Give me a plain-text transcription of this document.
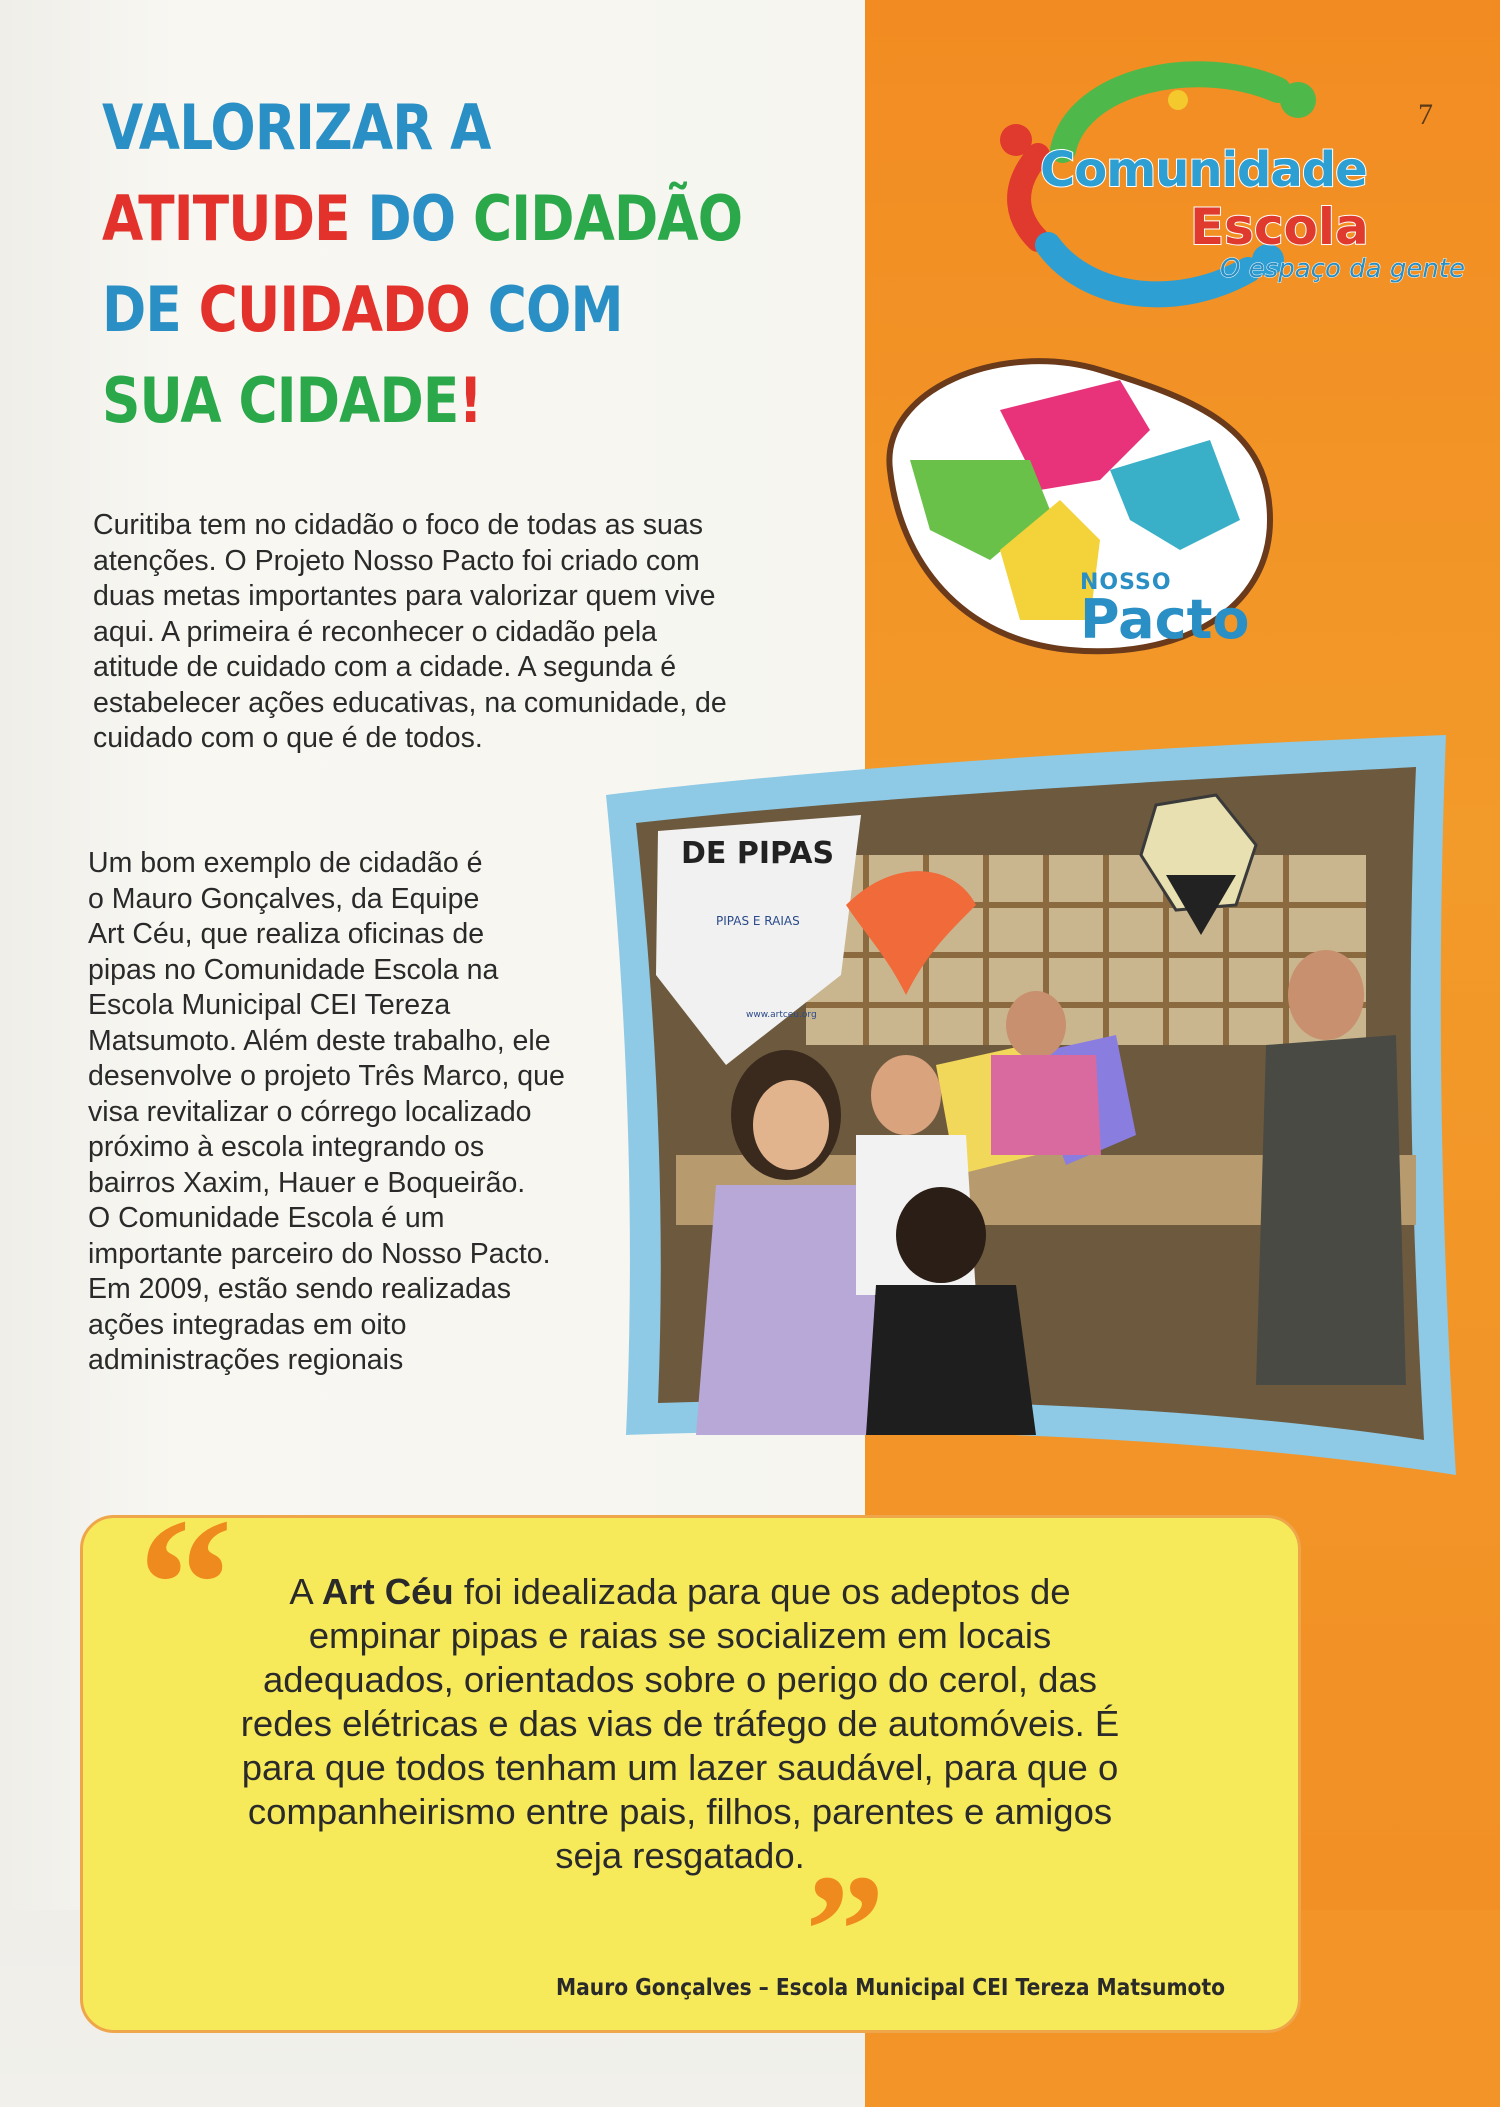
7
VALORIZAR A
ATITUDE DO CIDADÃO
DE CUIDADO COM
SUA CIDADE!
Comunidade
Escola
O espaço da gente
NOSSO
Pacto
Curitiba tem no cidadão o foco de todas as suas
atenções. O Projeto Nosso Pacto foi criado com
duas metas importantes para valorizar quem vive
aqui. A primeira é reconhecer o cidadão pela
atitude de cuidado com a cidade. A segunda é
estabelecer ações educativas, na comunidade, de
cuidado com o que é de todos.
Um bom exemplo de cidadão é
o Mauro Gonçalves, da Equipe
Art Céu, que realiza oficinas de
pipas no Comunidade Escola na
Escola Municipal CEI Tereza
Matsumoto. Além deste trabalho, ele
desenvolve o projeto Três Marco, que
visa revitalizar o córrego localizado
próximo à escola integrando os
bairros Xaxim, Hauer e Boqueirão.
O Comunidade Escola é um
importante parceiro do Nosso Pacto.
Em 2009, estão sendo realizadas
ações integradas em oito
administrações regionais
DE PIPAS
PIPAS E RAIAS
www.artceu.org
“	A Art Céu foi idealizada para que os adeptos de
empinar pipas e raias se socializem em locais
adequados, orientados sobre o perigo do cerol, das
redes elétricas e das vias de tráfego de automóveis. É
para que todos tenham um lazer saudável, para que o
companheirismo entre pais, filhos, parentes e amigos
seja resgatado. ”
Mauro Gonçalves – Escola Municipal CEI Tereza Matsumoto
